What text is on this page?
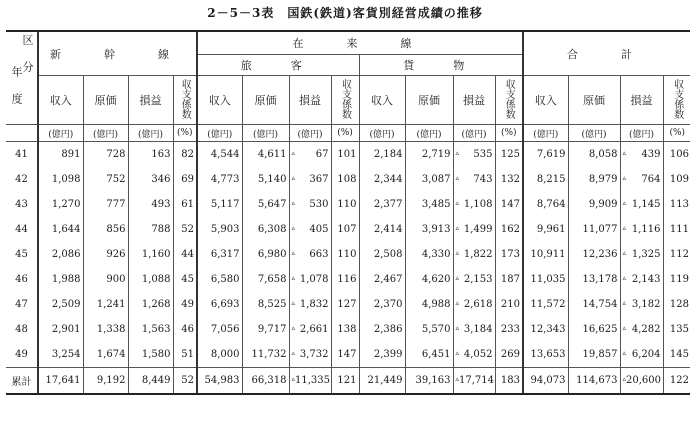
2－5－3表　国鉄(鉄道)客貨別経営成績の推移
区分
年度	新　幹　線				在　来　線								合　計			
					旅　客				貨　物							
	収入	原価	損益	収支係数	収入	原価	損益	収支係数	収入	原価	損益	収支係数	収入	原価	損益	収支係数
	(億円)	(億円)	(億円)	(%)	(億円)	(億円)	(億円)	(%)	(億円)	(億円)	(億円)	(%)	(億円)	(億円)	(億円)	(%)
41	891	728	163	82	4,544	4,611	▵ 67	101	2,184	2,719	▵ 535	125	7,619	8,058	▵ 439	106
42	1,098	752	346	69	4,773	5,140	▵ 367	108	2,344	3,087	▵ 743	132	8,215	8,979	▵ 764	109
43	1,270	777	493	61	5,117	5,647	▵ 530	110	2,377	3,485	▵ 1,108	147	8,764	9,909	▵ 1,145	113
44	1,644	856	788	52	5,903	6,308	▵ 405	107	2,414	3,913	▵ 1,499	162	9,961	11,077	▵ 1,116	111
45	2,086	926	1,160	44	6,317	6,980	▵ 663	110	2,508	4,330	▵ 1,822	173	10,911	12,236	▵ 1,325	112
46	1,988	900	1,088	45	6,580	7,658	▵ 1,078	116	2,467	4,620	▵ 2,153	187	11,035	13,178	▵ 2,143	119
47	2,509	1,241	1,268	49	6,693	8,525	▵ 1,832	127	2,370	4,988	▵ 2,618	210	11,572	14,754	▵ 3,182	128
48	2,901	1,338	1,563	46	7,056	9,717	▵ 2,661	138	2,386	5,570	▵ 3,184	233	12,343	16,625	▵ 4,282	135
49	3,254	1,674	1,580	51	8,000	11,732	▵ 3,732	147	2,399	6,451	▵ 4,052	269	13,653	19,857	▵ 6,204	145
累計	17,641	9,192	8,449	52	54,983	66,318	▵ 11,335	121	21,449	39,163	▵ 17,714	183	94,073	114,673	▵ 20,600	122
